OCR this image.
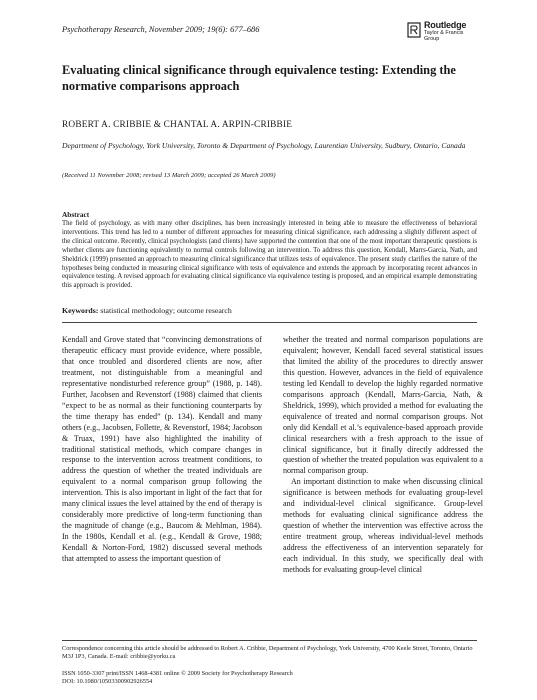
Psychotherapy Research, November 2009; 19(6): 677–686	Routledge
Taylor & Francis Group
Evaluating clinical significance through equivalence testing: Extending the normative comparisons approach
ROBERT A. CRIBBIE & CHANTAL A. ARPIN-CRIBBIE
Department of Psychology, York University, Toronto & Department of Psychology, Laurentian University, Sudbury, Ontario, Canada
(Received 11 November 2008; revised 13 March 2009; accepted 26 March 2009)
Abstract
The field of psychology, as with many other disciplines, has been increasingly interested in being able to measure the effectiveness of behavioral interventions. This trend has led to a number of different approaches for measuring clinical significance, each addressing a slightly different aspect of the clinical outcome. Recently, clinical psychologists (and clients) have supported the contention that one of the most important therapeutic questions is whether clients are functioning equivalently to normal controls following an intervention. To address this question, Kendall, Marrs-Garcia, Nath, and Sheldrick (1999) presented an approach to measuring clinical significance that utilizes tests of equivalence. The present study clarifies the nature of the hypotheses being conducted in measuring clinical significance with tests of equivalence and extends the approach by incorporating recent advances in equivalence testing. A revised approach for evaluating clinical significance via equivalence testing is proposed, and an empirical example demonstrating this approach is provided.
Keywords: statistical methodology; outcome research

Kendall and Grove stated that “convincing demonstrations of therapeutic efficacy must provide evidence, where possible, that once troubled and disordered clients are now, after treatment, not distinguishable from a meaningful and representative nondisturbed reference group” (1988, p. 148). Further, Jacobsen and Revenstorf (1988) claimed that clients “expect to be as normal as their functioning counterparts by the time therapy has ended” (p. 134). Kendall and many others (e.g., Jacobsen, Follette, & Revenstorf, 1984; Jacobson & Truax, 1991) have also highlighted the inability of traditional statistical methods, which compare changes in response to the intervention across treatment conditions, to address the question of whether the treated individuals are equivalent to a normal comparison group following the intervention. This is also important in light of the fact that for many clinical issues the level attained by the end of therapy is considerably more predictive of long-term functioning than the magnitude of change (e.g., Baucom & Mehlman, 1984). In the 1980s, Kendall et al. (e.g., Kendall & Grove, 1988; Kendall & Norton-Ford, 1982) discussed several methods that attempted to assess the important question of

whether the treated and normal comparison populations are equivalent; however, Kendall faced several statistical issues that limited the ability of the procedures to directly answer this question. However, advances in the field of equivalence testing led Kendall to develop the highly regarded normative comparisons approach (Kendall, Marrs-Garcia, Nath, & Sheldrick, 1999), which provided a method for evaluating the equivalence of treated and normal comparison groups. Not only did Kendall et al.’s equivalence-based approach provide clinical researchers with a fresh approach to the issue of clinical significance, but it finally directly addressed the question of whether the treated population was equivalent to a normal comparison group.

An important distinction to make when discussing clinical significance is between methods for evaluating group-level and individual-level clinical significance. Group-level methods for evaluating clinical significance address the question of whether the intervention was effective across the entire treatment group, whereas individual-level methods address the effectiveness of an intervention separately for each individual. In this study, we specifically deal with methods for evaluating group-level clinical

Correspondence concerning this article should be addressed to Robert A. Cribbie, Department of Psychology, York University, 4700 Keele Street, Toronto, Ontario M3J 1P3, Canada. E-mail: cribbie@yorku.ca
ISSN 1050-3307 print/ISSN 1468-4381 online © 2009 Society for Psychotherapy Research
DOI: 10.1080/10503300902926554
